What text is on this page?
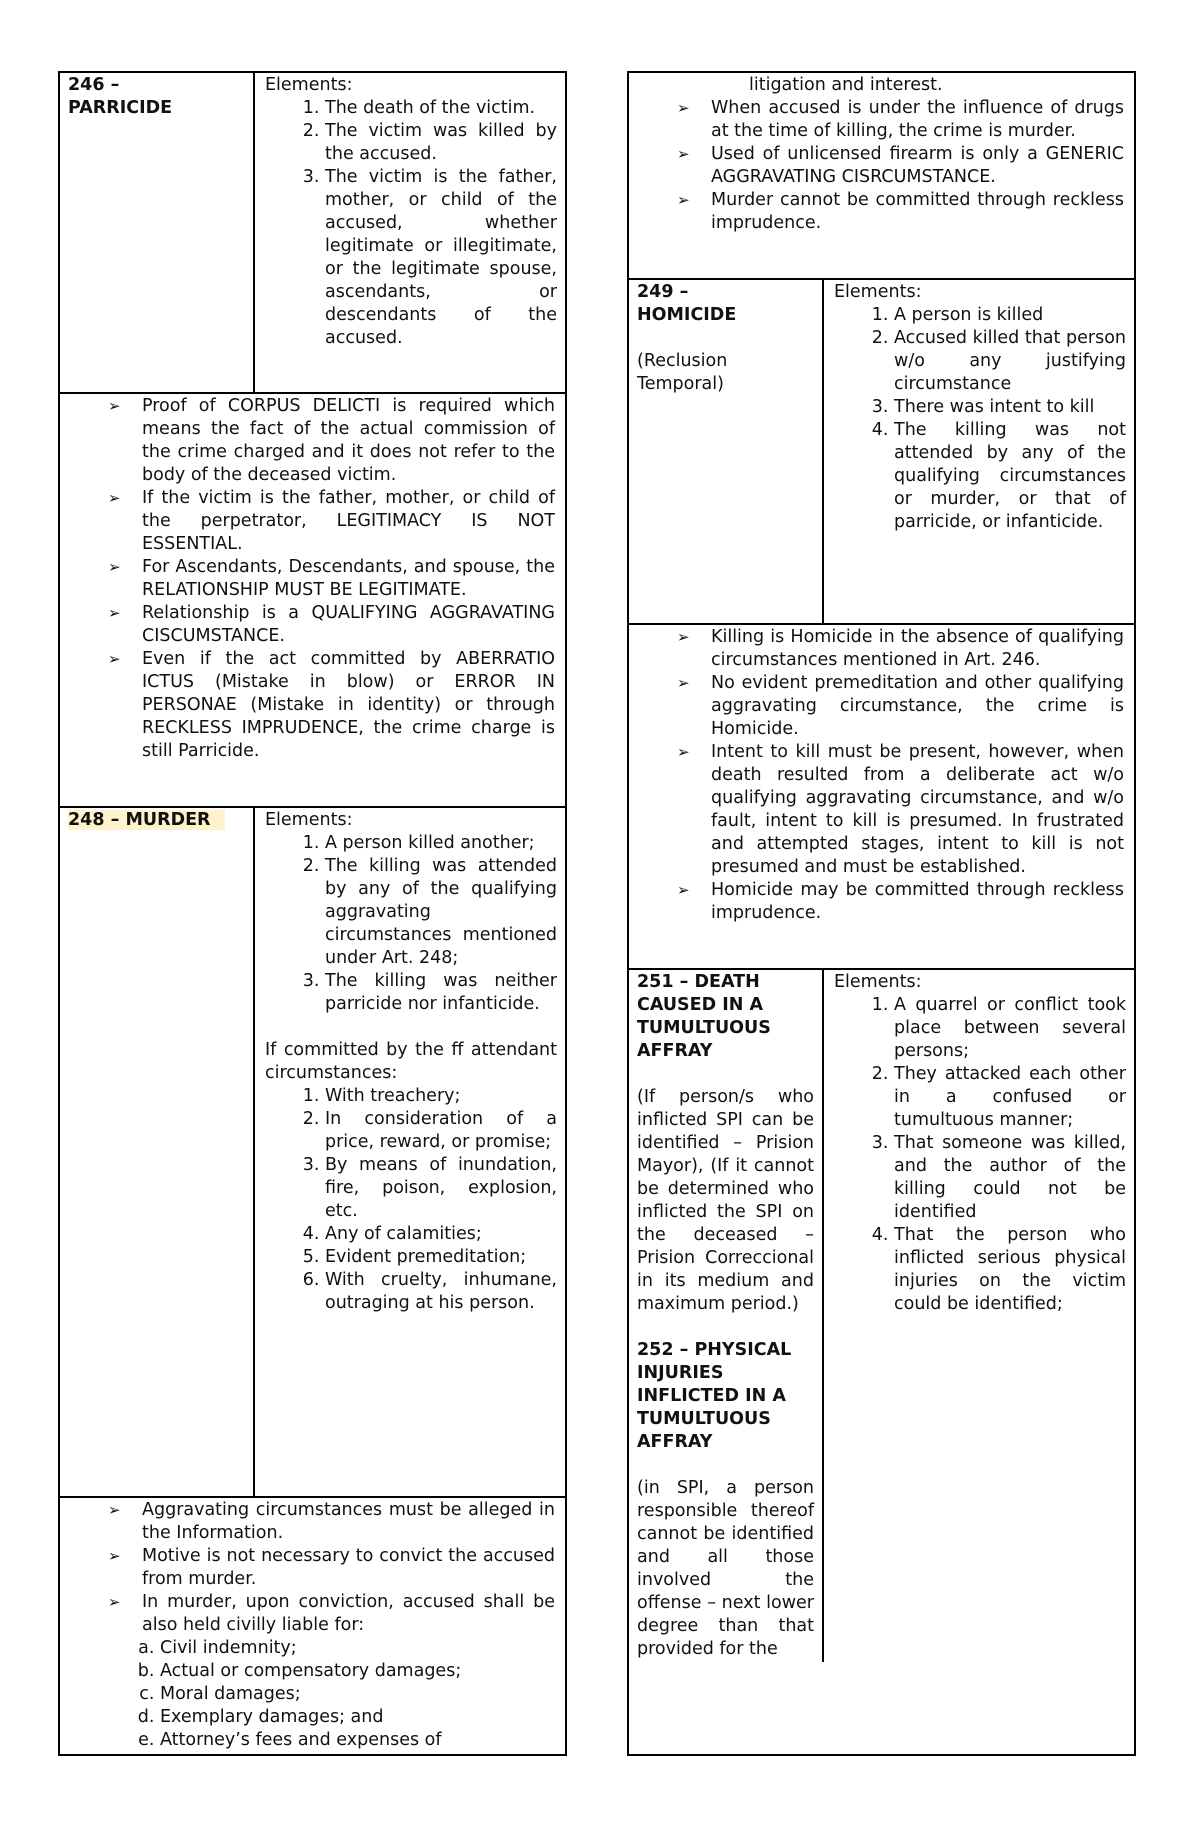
246 –
PARRICIDE
Elements:
1. The death of the victim.
2. The victim was killed by the accused.
3. The victim is the father, mother, or child of the accused, whether legitimate or illegitimate, or the legitimate spouse, ascendants, or descendants of the accused.
➢ Proof of CORPUS DELICTI is required which means the fact of the actual commission of the crime charged and it does not refer to the body of the deceased victim.
➢ If the victim is the father, mother, or child of the perpetrator, LEGITIMACY IS NOT ESSENTIAL.
➢ For Ascendants, Descendants, and spouse, the RELATIONSHIP MUST BE LEGITIMATE.
➢ Relationship is a QUALIFYING AGGRAVATING CISCUMSTANCE.
➢ Even if the act committed by ABERRATIO ICTUS (Mistake in blow) or ERROR IN PERSONAE (Mistake in identity) or through RECKLESS IMPRUDENCE, the crime charge is still Parricide.
248 – MURDER	Elements:
1. A person killed another;
2. The killing was attended by any of the qualifying aggravating circumstances mentioned under Art. 248;
3. The killing was neither parricide nor infanticide.

If committed by the ff attendant circumstances:

1. With treachery;
2. In consideration of a price, reward, or promise;
3. By means of inundation, fire, poison, explosion, etc.
4. Any of calamities;
5. Evident premeditation;
6. With cruelty, inhumane, outraging at his person.
➢ Aggravating circumstances must be alleged in the Information.
➢ Motive is not necessary to convict the accused from murder.
➢ In murder, upon conviction, accused shall be also held civilly liable for:
a. Civil indemnity;
b. Actual or compensatory damages;
c. Moral damages;
d. Exemplary damages; and
e. Attorney’s fees and expenses of
litigation and interest.
➢ When accused is under the influence of drugs at the time of killing, the crime is murder.
➢ Used of unlicensed firearm is only a GENERIC AGGRAVATING CISRCUMSTANCE.
➢ Murder cannot be committed through reckless imprudence.
249 –
HOMICIDE
(Reclusion Temporal)
Elements:
1. A person is killed
2. Accused killed that person w/o any justifying circumstance
3. There was intent to kill
4. The killing was not attended by any of the qualifying circumstances or murder, or that of parricide, or infanticide.
➢ Killing is Homicide in the absence of qualifying circumstances mentioned in Art. 246.
➢ No evident premeditation and other qualifying aggravating circumstance, the crime is Homicide.
➢ Intent to kill must be present, however, when death resulted from a deliberate act w/o qualifying aggravating circumstance, and w/o fault, intent to kill is presumed. In frustrated and attempted stages, intent to kill is not presumed and must be established.
➢ Homicide may be committed through reckless imprudence.
251 – DEATH CAUSED IN A TUMULTUOUS AFFRAY
(If person/s who inflicted SPI can be identified – Prision Mayor), (If it cannot be determined who inflicted the SPI on the deceased – Prision Correccional in its medium and maximum period.)
252 – PHYSICAL INJURIES INFLICTED IN A TUMULTUOUS AFFRAY
(in SPI, a person responsible thereof cannot be identified and all those involved the offense – next lower degree than that provided for the
Elements:
1. A quarrel or conflict took place between several persons;
2. They attacked each other in a confused or tumultuous manner;
3. That someone was killed, and the author of the killing could not be identified
4. That the person who inflicted serious physical injuries on the victim could be identified;
